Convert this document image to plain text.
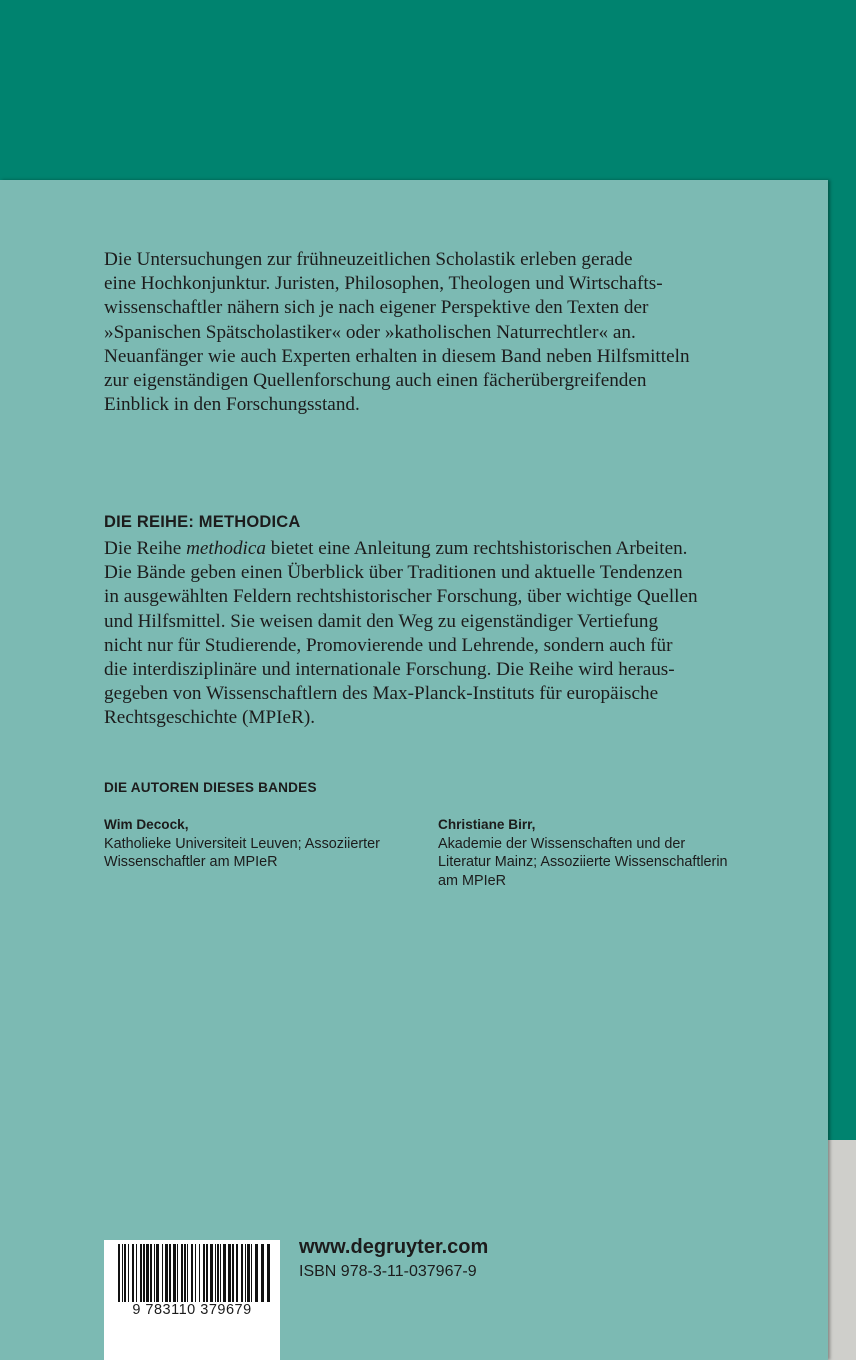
Die Untersuchungen zur frühneuzeitlichen Scholastik erleben gerade
eine Hochkonjunktur. Juristen, Philosophen, Theologen und Wirtschafts-
wissenschaftler nähern sich je nach eigener Perspektive den Texten der
»Spanischen Spätscholastiker« oder »katholischen Naturrechtler« an.
Neuanfänger wie auch Experten erhalten in diesem Band neben Hilfsmitteln
zur eigenständigen Quellenforschung auch einen fächerübergreifenden
Einblick in den Forschungsstand.

DIE REIHE: METHODICA

Die Reihe methodica bietet eine Anleitung zum rechtshistorischen Arbeiten.
Die Bände geben einen Überblick über Traditionen und aktuelle Tendenzen
in ausgewählten Feldern rechtshistorischer Forschung, über wichtige Quellen
und Hilfsmittel. Sie weisen damit den Weg zu eigenständiger Vertiefung
nicht nur für Studierende, Promovierende und Lehrende, sondern auch für
die interdisziplinäre und internationale Forschung. Die Reihe wird heraus-
gegeben von Wissenschaftlern des Max-Planck-Instituts für europäische
Rechtsgeschichte (MPIeR).

DIE AUTOREN DIESES BANDES
Wim Decock,
Katholieke Universiteit Leuven; Assoziierter
Wissenschaftler am MPIeR
Christiane Birr,
Akademie der Wissenschaften und der
Literatur Mainz; Assoziierte Wissenschaftlerin
am MPIeR
9 783110 379679

www.degruyter.com

ISBN 978-3-11-037967-9
